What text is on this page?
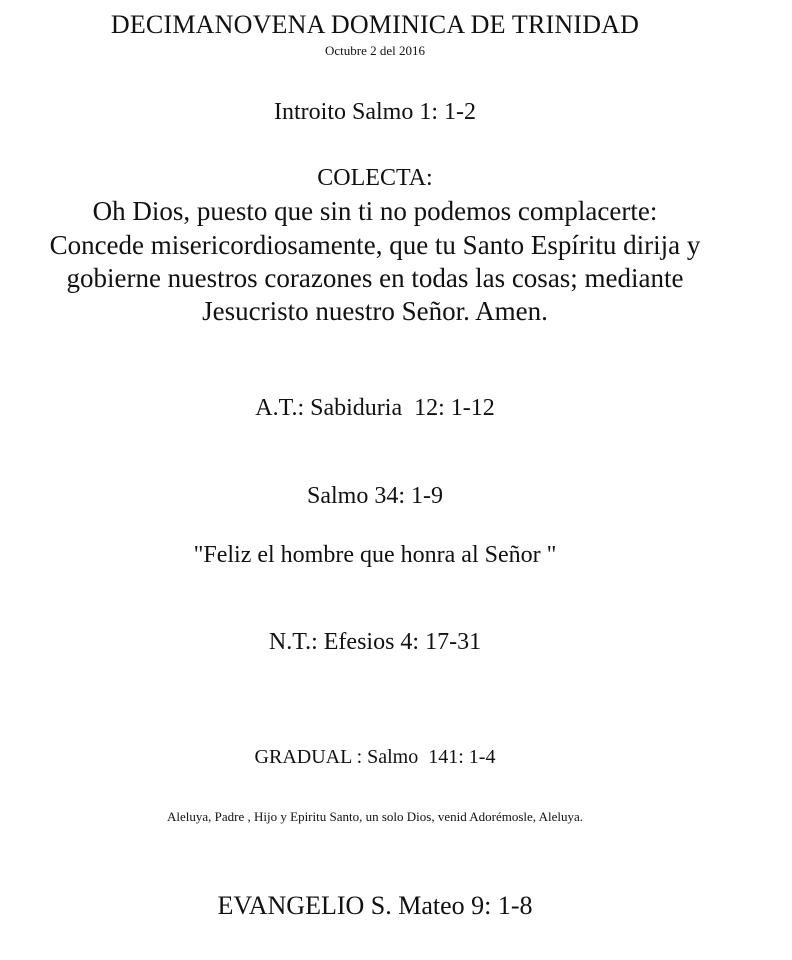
DECIMANOVENA DOMINICA DE TRINIDAD
Octubre 2 del 2016
Introito Salmo 1: 1-2
COLECTA:
Oh Dios, puesto que sin ti no podemos complacerte:
Concede misericordiosamente, que tu Santo Espíritu dirija y
gobierne nuestros corazones en todas las cosas; mediante
Jesucristo nuestro Señor. Amen.
A.T.: Sabiduria  12: 1-12
Salmo 34: 1-9
"Feliz el hombre que honra al Señor "
N.T.: Efesios 4: 17-31
GRADUAL : Salmo  141: 1-4
Aleluya, Padre , Hijo y Epiritu Santo, un solo Dios, venid Adorémosle, Aleluya.
EVANGELIO S. Mateo 9: 1-8
